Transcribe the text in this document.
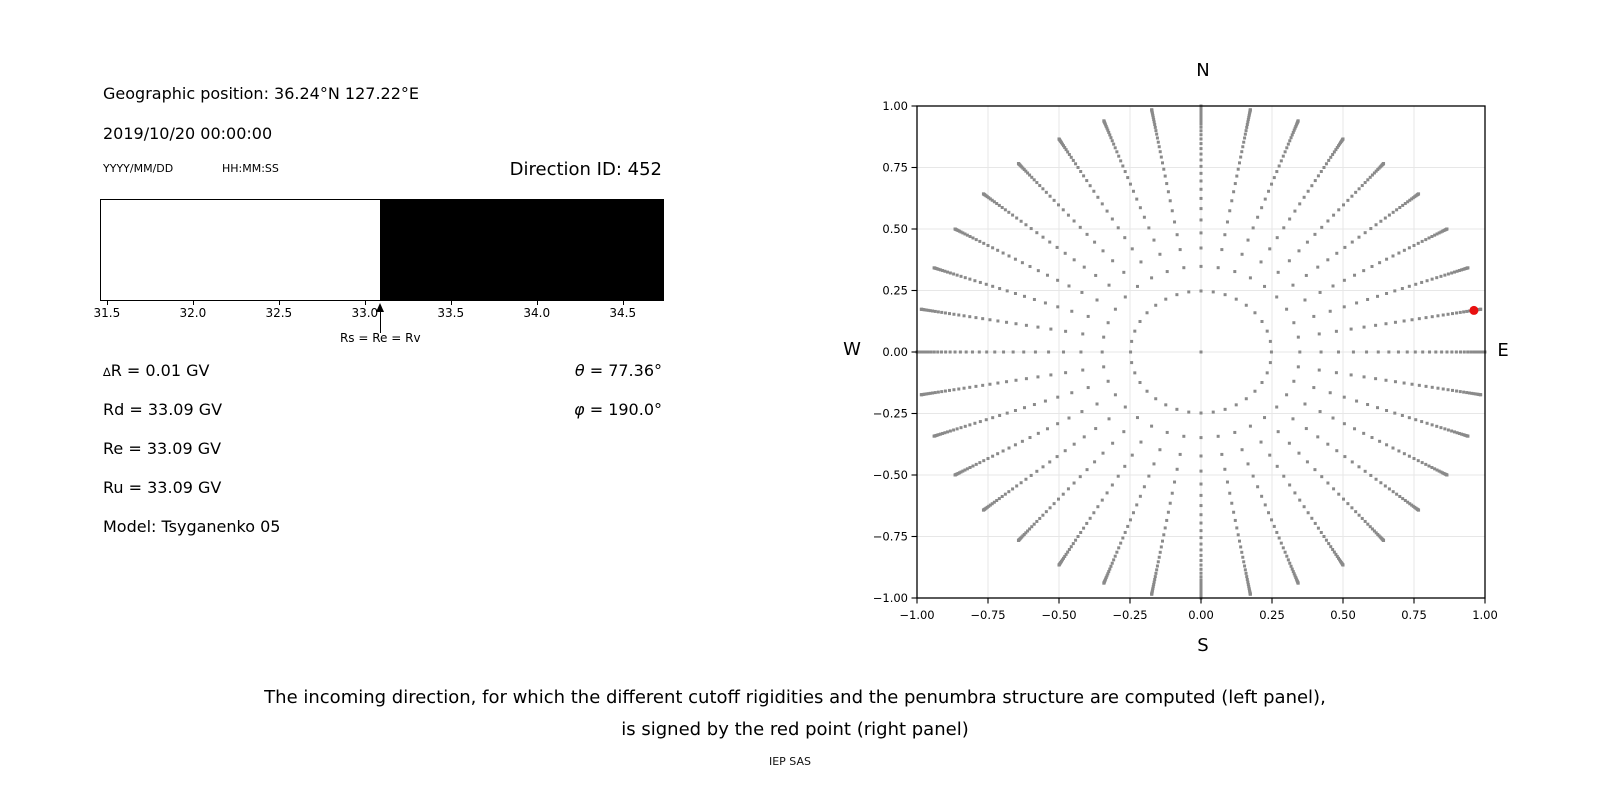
Geographic position: 36.24°N 127.22°E
2019/10/20 00:00:00
YYYY/MM/DD	HH:MM:SS	Direction ID: 452
31.5	32.0	32.5	33.0	33.5	34.0	34.5
Rs = Re = Rv
∆R = 0.01 GV
Rd = 33.09 GV
Re = 33.09 GV
Ru = 33.09 GV
Model: Tsyganenko 05
θ = 77.36°
φ = 190.0°
−1.00	−0.75	−0.50	−0.25	0.00	0.25	0.50	0.75	1.00
−1.00
−0.75
−0.50
−0.25
0.00
0.25
0.50
0.75
1.00
N
S
W	E
The incoming direction, for which the different cutoff rigidities and the penumbra structure are computed (left panel),
is signed by the red point (right panel)
IEP SAS
